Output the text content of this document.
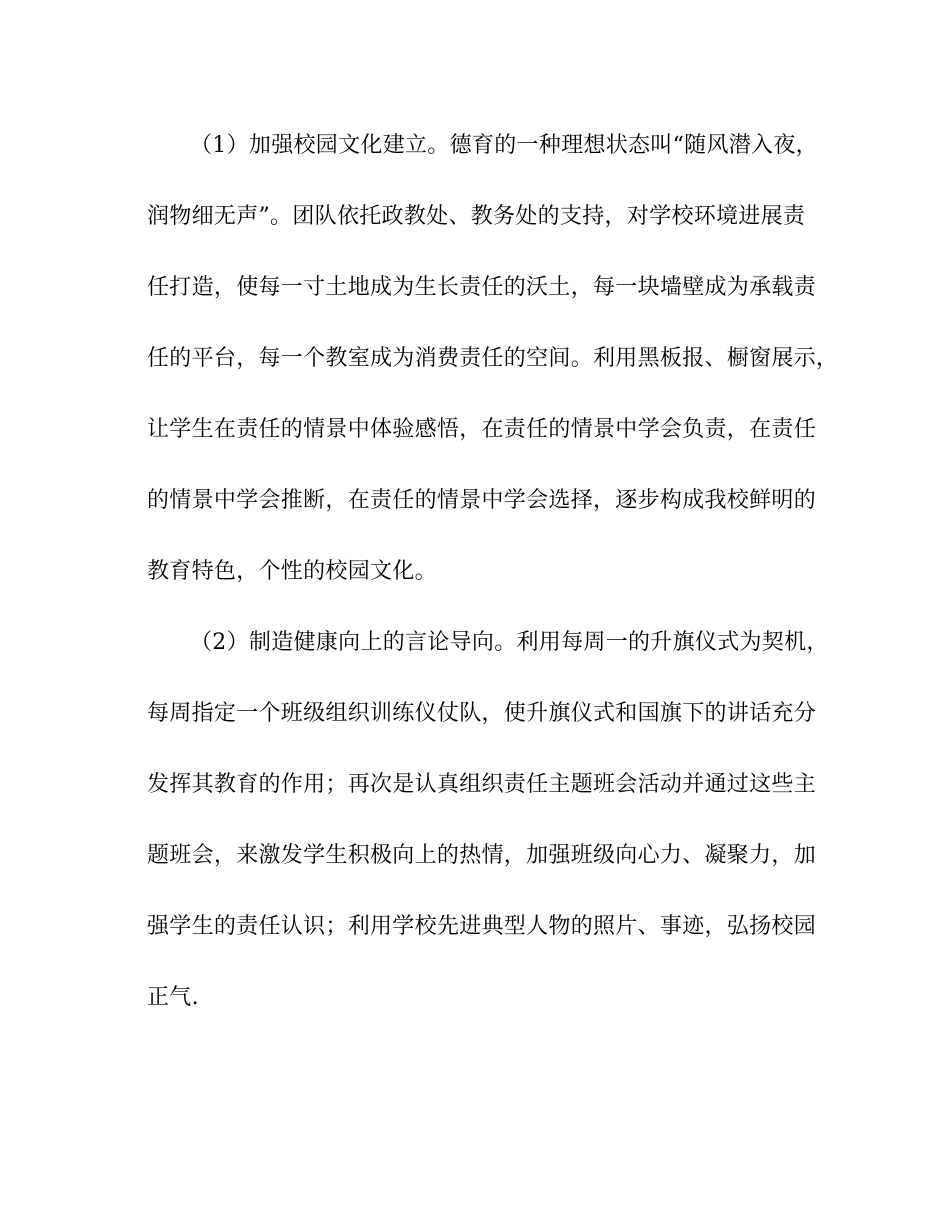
（1）加强校园文化建立。德育的一种理想状态叫“随风潜入夜，
润物细无声”。团队依托政教处、教务处的支持，对学校环境进展责
任打造，使每一寸土地成为生长责任的沃土，每一块墙壁成为承载责
任的平台，每一个教室成为消费责任的空间。利用黑板报、橱窗展示，
让学生在责任的情景中体验感悟，在责任的情景中学会负责，在责任
的情景中学会推断，在责任的情景中学会选择，逐步构成我校鲜明的
教育特色，个性的校园文化。
（2）制造健康向上的言论导向。利用每周一的升旗仪式为契机，
每周指定一个班级组织训练仪仗队，使升旗仪式和国旗下的讲话充分
发挥其教育的作用；再次是认真组织责任主题班会活动并通过这些主
题班会，来激发学生积极向上的热情，加强班级向心力、凝聚力，加
强学生的责任认识；利用学校先进典型人物的照片、事迹，弘扬校园
正气.
